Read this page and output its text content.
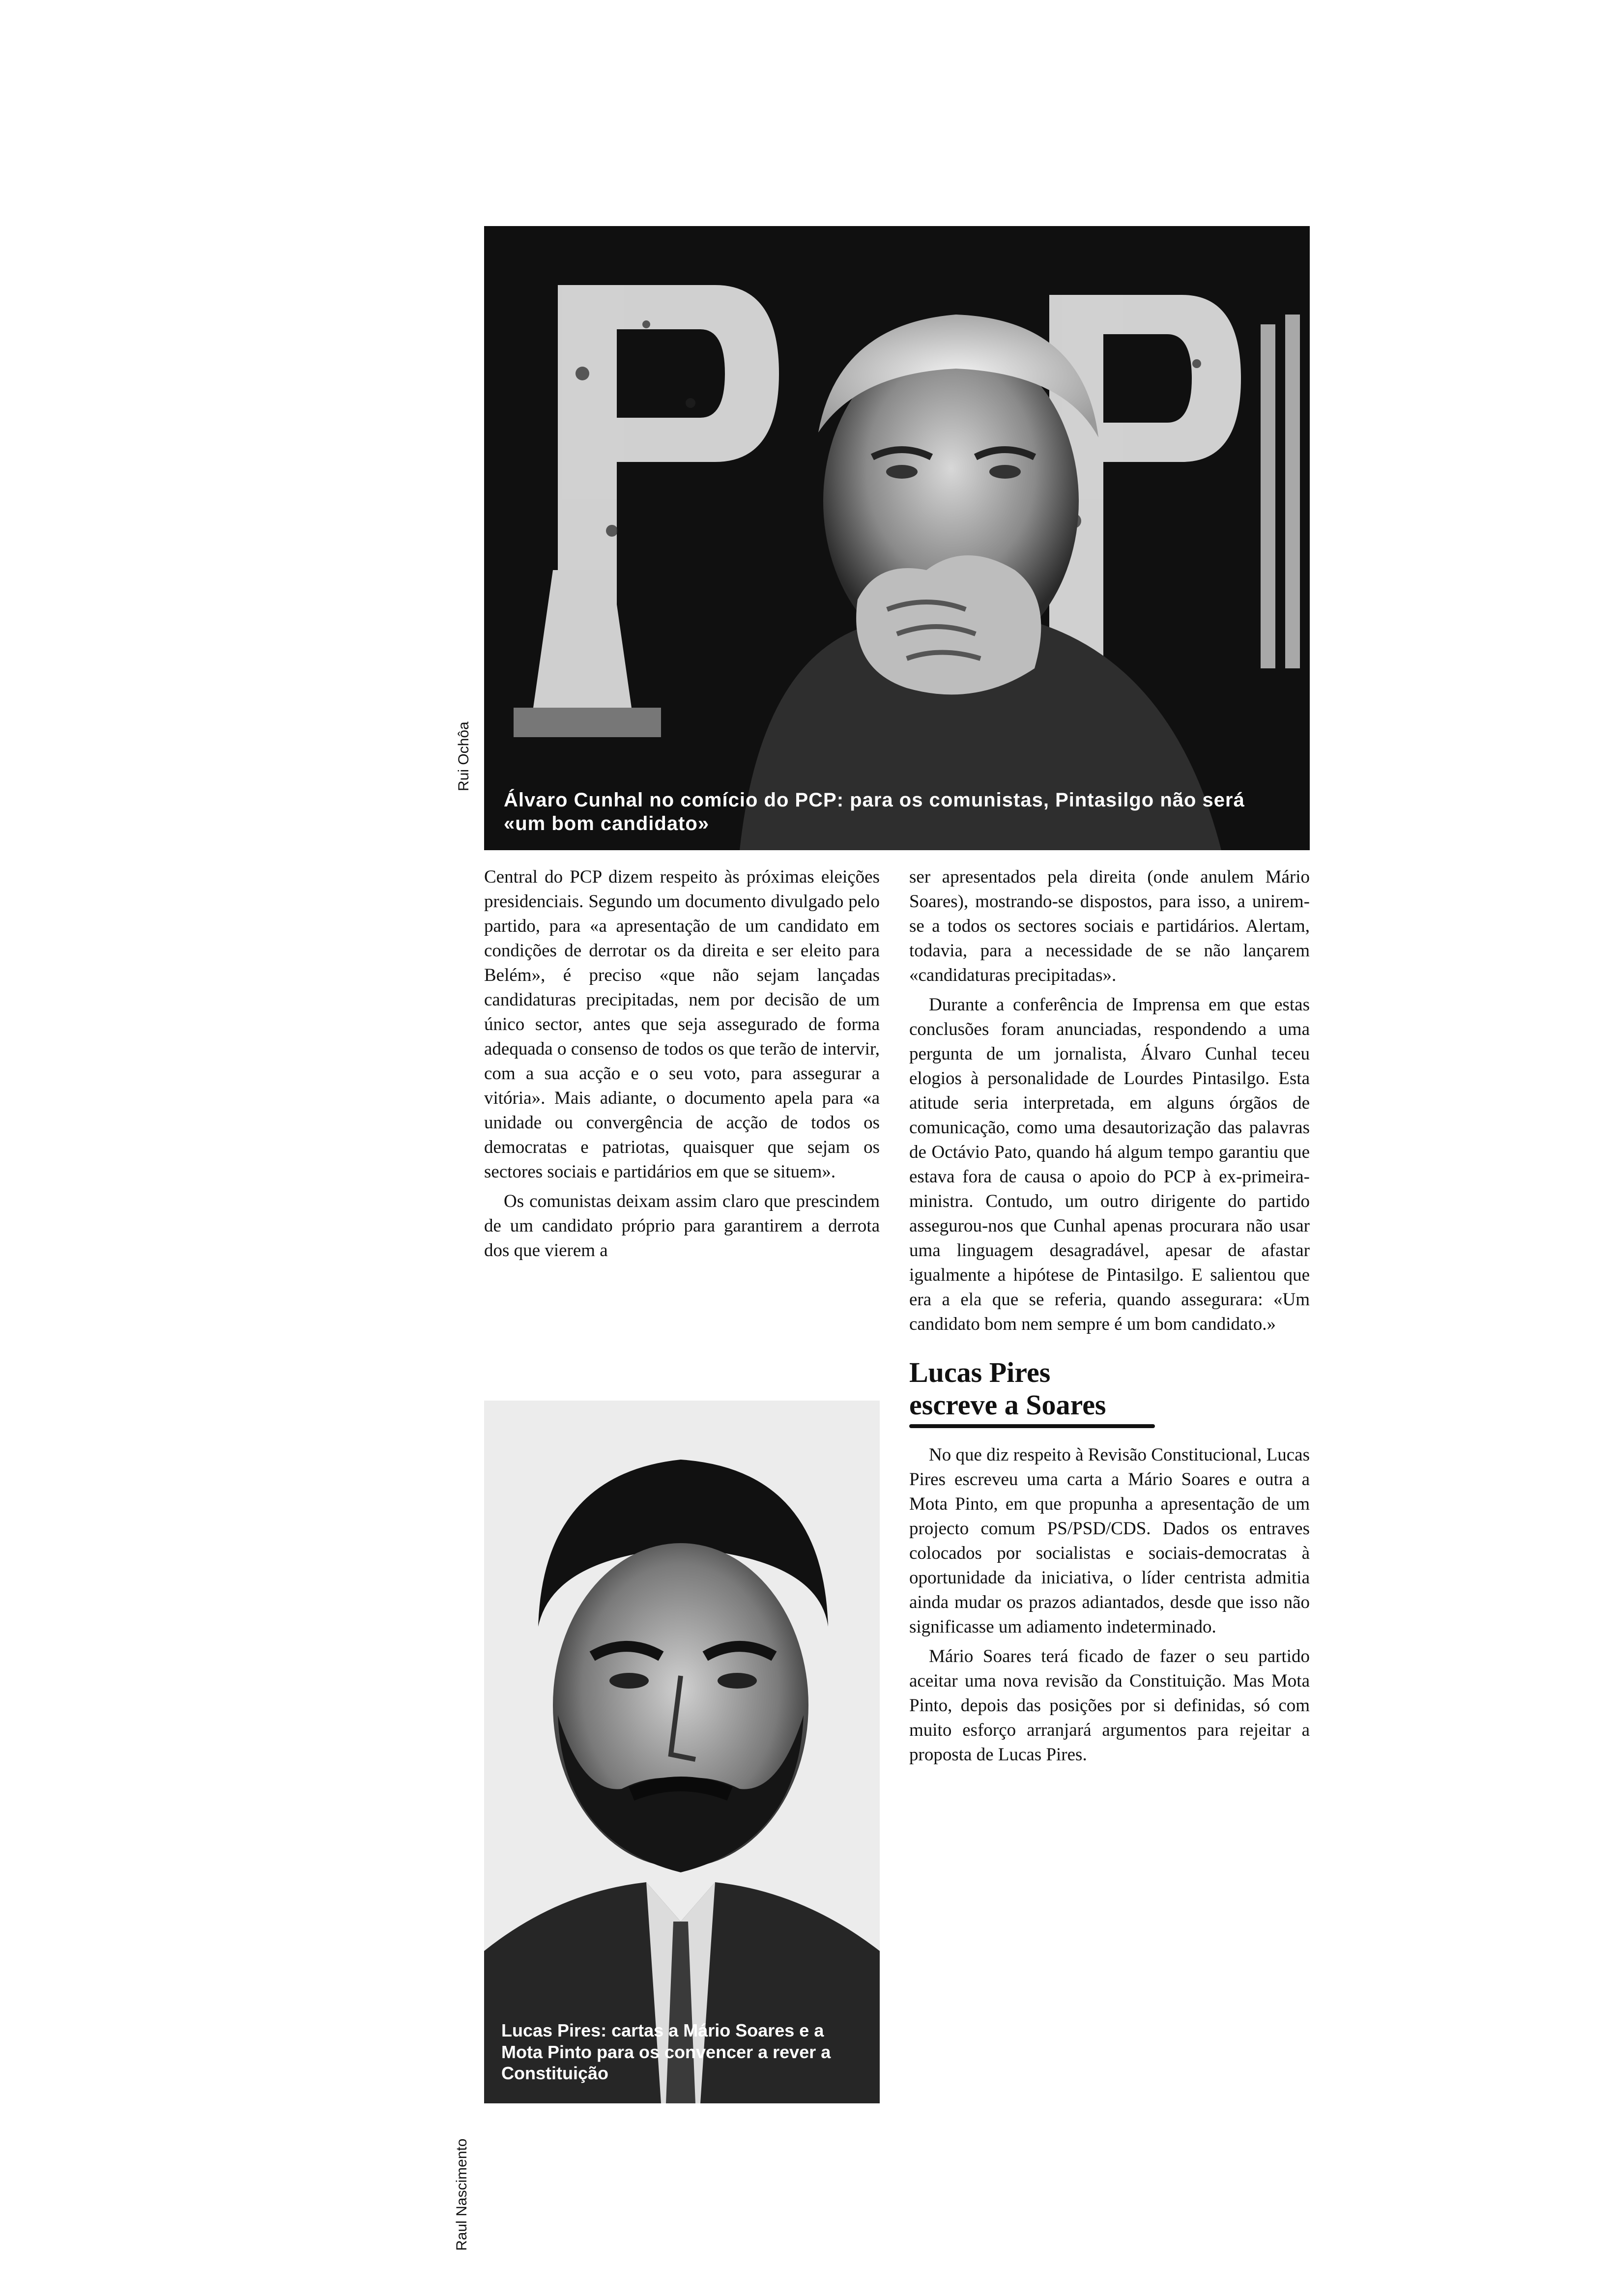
Álvaro Cunhal no comício do PCP: para os comunistas, Pintasilgo não será «um bom candidato»
Rui Ochôa

Central do PCP dizem respeito às próximas eleições presidenciais. Segundo um documento divulgado pelo partido, para «a apresentação de um candidato em condições de derrotar os da direita e ser eleito para Belém», é preciso «que não sejam lançadas candidaturas precipitadas, nem por decisão de um único sector, antes que seja assegurado de forma adequada o consenso de todos os que terão de intervir, com a sua acção e o seu voto, para assegurar a vitória». Mais adiante, o documento apela para «a unidade ou convergência de acção de todos os democratas e patriotas, quaisquer que sejam os sectores sociais e partidários em que se situem».

Os comunistas deixam assim claro que prescindem de um candidato próprio para garantirem a derrota dos que vierem a

Lucas Pires: cartas a Mário Soares e a Mota Pinto para os convencer a rever a Constituição
Raul Nascimento

ser apresentados pela direita (onde anulem Mário Soares), mostrando-se dispostos, para isso, a unirem-se a todos os sectores sociais e partidários. Alertam, todavia, para a necessidade de se não lançarem «candidaturas precipitadas».

Durante a conferência de Imprensa em que estas conclusões foram anunciadas, respondendo a uma pergunta de um jornalista, Álvaro Cunhal teceu elogios à personalidade de Lourdes Pintasilgo. Esta atitude seria interpretada, em alguns órgãos de comunicação, como uma desautorização das palavras de Octávio Pato, quando há algum tempo garantiu que estava fora de causa o apoio do PCP à ex-primeira-ministra. Contudo, um outro dirigente do partido assegurou-nos que Cunhal apenas procurara não usar uma linguagem desagradável, apesar de afastar igualmente a hipótese de Pintasilgo. E salientou que era a ela que se referia, quando assegurara: «Um candidato bom nem sempre é um bom candidato.»

Lucas Pires
escreve a Soares

No que diz respeito à Revisão Constitucional, Lucas Pires escreveu uma carta a Mário Soares e outra a Mota Pinto, em que propunha a apresentação de um projecto comum PS/PSD/CDS. Dados os entraves colocados por socialistas e sociais-democratas à oportunidade da iniciativa, o líder centrista admitia ainda mudar os prazos adiantados, desde que isso não significasse um adiamento indeterminado.

Mário Soares terá ficado de fazer o seu partido aceitar uma nova revisão da Constituição. Mas Mota Pinto, depois das posições por si definidas, só com muito esforço arranjará argumentos para rejeitar a proposta de Lucas Pires.
